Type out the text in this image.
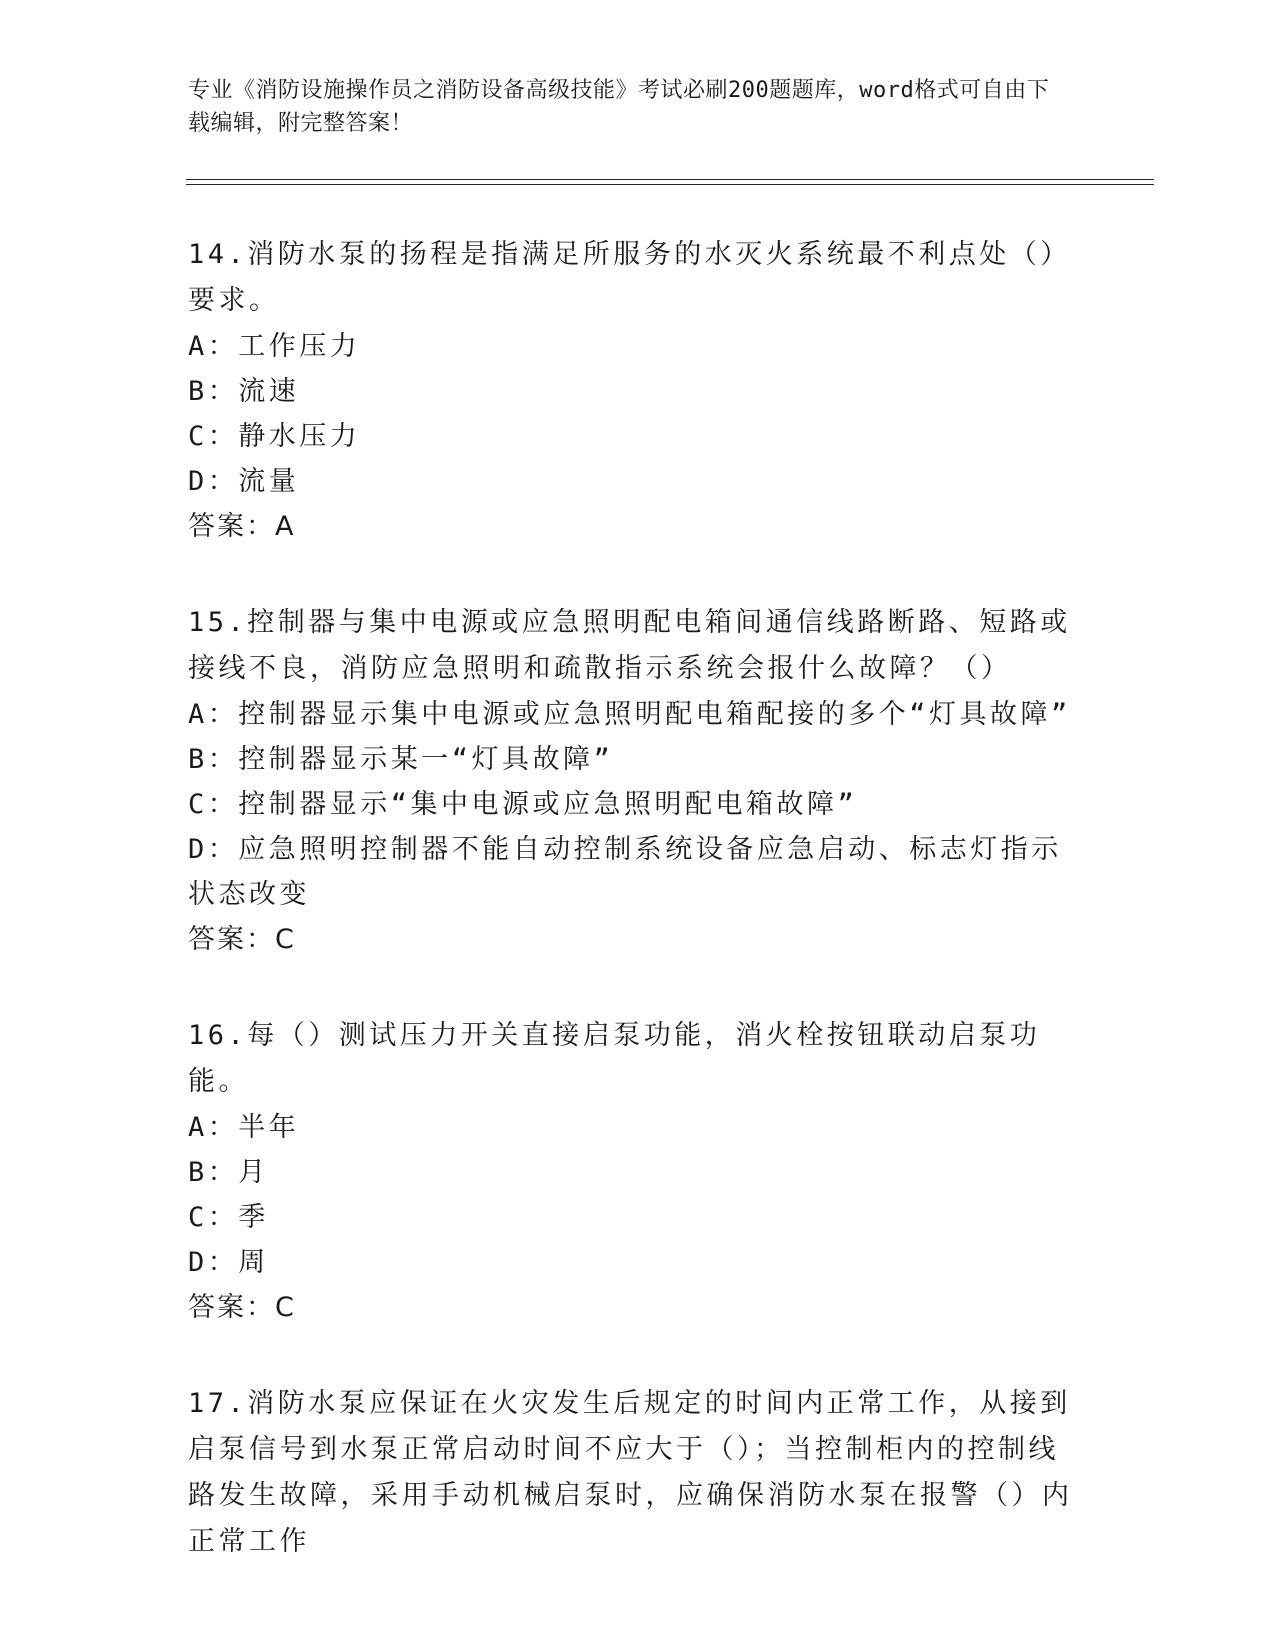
专业《消防设施操作员之消防设备高级技能》考试必刷200题题库，word格式可自由下载编辑，附完整答案！

14.消防水泵的扬程是指满足所服务的水灭火系统最不利点处（）要求。

A：工作压力

B：流速

C：静水压力

D：流量

答案：A

15.控制器与集中电源或应急照明配电箱间通信线路断路、短路或接线不良，消防应急照明和疏散指示系统会报什么故障？（）

A：控制器显示集中电源或应急照明配电箱配接的多个“灯具故障”

B：控制器显示某一“灯具故障”

C：控制器显示“集中电源或应急照明配电箱故障”

D：应急照明控制器不能自动控制系统设备应急启动、标志灯指示状态改变

答案：C

16.每（）测试压力开关直接启泵功能，消火栓按钮联动启泵功能。

A：半年

B：月

C：季

D：周

答案：C

17.消防水泵应保证在火灾发生后规定的时间内正常工作，从接到启泵信号到水泵正常启动时间不应大于（）；当控制柜内的控制线路发生故障，采用手动机械启泵时，应确保消防水泵在报警（）内正常工作
